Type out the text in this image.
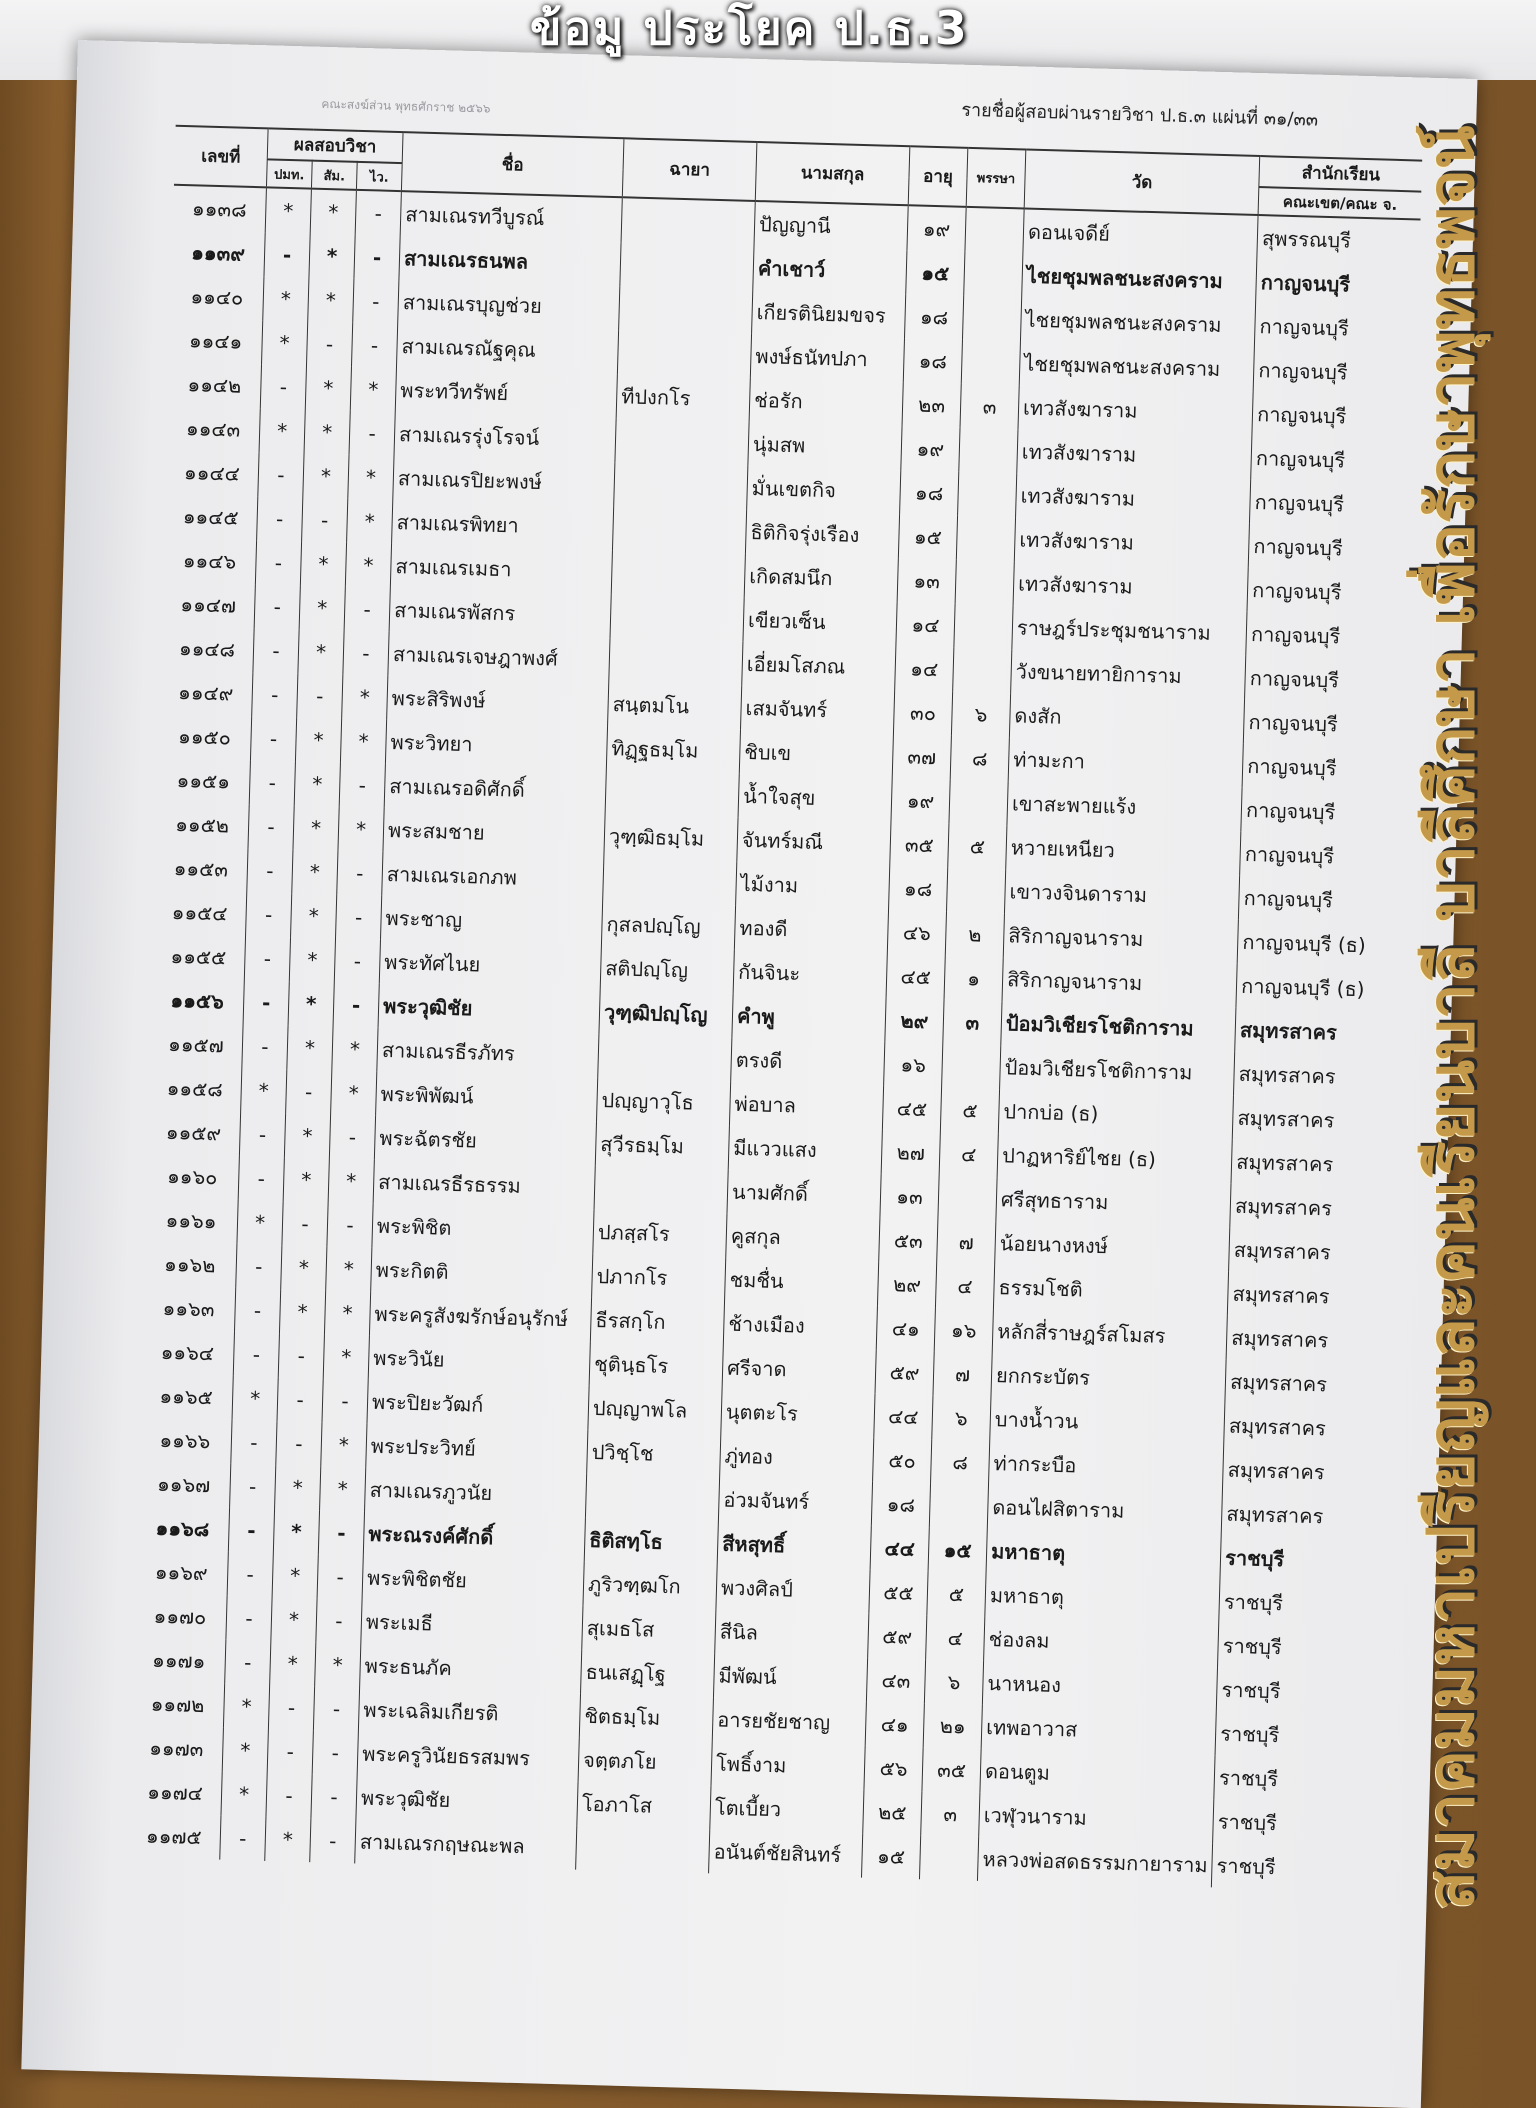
รายชื่อผู้สอบผ่านรายวิชา ป.ธ.๓ แผ่นที่ ๓๑/๓๓
คณะสงฆ์ส่วน พุทธศักราช ๒๕๖๖
เลขที่	ผลสอบวิชา			ชื่อ	ฉายา	นามสกุล	อายุ	พรรษา	วัด	สำนักเรียน
	ปมท.	สัม.	ไว.							คณะเขต/คณะ จ.
๑๑๓๘	*	*	-	สามเณรทวีบูรณ์		ปัญญานี	๑๙		ดอนเจดีย์	สุพรรณบุรี
๑๑๓๙	-	*	-	สามเณรธนพล		คำเชาว์	๑๕		ไชยชุมพลชนะสงคราม	กาญจนบุรี
๑๑๔๐	*	*	-	สามเณรบุญช่วย		เกียรตินิยมขจร	๑๘		ไชยชุมพลชนะสงคราม	กาญจนบุรี
๑๑๔๑	*	-	-	สามเณรณัฐคุณ		พงษ์ธนัทปภา	๑๘		ไชยชุมพลชนะสงคราม	กาญจนบุรี
๑๑๔๒	-	*	*	พระทวีทรัพย์	ทีปงกโร	ช่อรัก	๒๓	๓	เทวสังฆาราม	กาญจนบุรี
๑๑๔๓	*	*	-	สามเณรรุ่งโรจน์		นุ่มสพ	๑๙		เทวสังฆาราม	กาญจนบุรี
๑๑๔๔	-	*	*	สามเณรปิยะพงษ์		มั่นเขตกิจ	๑๘		เทวสังฆาราม	กาญจนบุรี
๑๑๔๕	-	-	*	สามเณรพิทยา		ธิติกิจรุ่งเรือง	๑๕		เทวสังฆาราม	กาญจนบุรี
๑๑๔๖	-	*	*	สามเณรเมธา		เกิดสมนึก	๑๓		เทวสังฆาราม	กาญจนบุรี
๑๑๔๗	-	*	-	สามเณรพัสกร		เขียวเซ็น	๑๔		ราษฎร์ประชุมชนาราม	กาญจนบุรี
๑๑๔๘	-	*	-	สามเณรเจษฎาพงศ์		เอี่ยมโสภณ	๑๔		วังขนายทายิการาม	กาญจนบุรี
๑๑๔๙	-	-	*	พระสิริพงษ์	สนฺตมโน	เสมจันทร์	๓๐	๖	ดงสัก	กาญจนบุรี
๑๑๕๐	-	*	*	พระวิทยา	ทิฏฺฐธมฺโม	ชิบเข	๓๗	๘	ท่ามะกา	กาญจนบุรี
๑๑๕๑	-	*	-	สามเณรอดิศักดิ์		น้ำใจสุข	๑๙		เขาสะพายแร้ง	กาญจนบุรี
๑๑๕๒	-	*	*	พระสมชาย	วุฑฺฒิธมฺโม	จันทร์มณี	๓๕	๕	หวายเหนียว	กาญจนบุรี
๑๑๕๓	-	*	-	สามเณรเอกภพ		ไม้งาม	๑๘		เขาวงจินดาราม	กาญจนบุรี
๑๑๕๔	-	*	-	พระชาญ	กุสลปญฺโญ	ทองดี	๔๖	๒	สิริกาญจนาราม	กาญจนบุรี (ธ)
๑๑๕๕	-	*	-	พระทัศไนย	สติปญฺโญ	กันจินะ	๔๕	๑	สิริกาญจนาราม	กาญจนบุรี (ธ)
๑๑๕๖	-	*	-	พระวุฒิชัย	วุฑฺฒิปญฺโญ	คำพู	๒๙	๓	ป้อมวิเชียรโชติการาม	สมุทรสาคร
๑๑๕๗	-	*	*	สามเณรธีรภัทร		ตรงดี	๑๖		ป้อมวิเชียรโชติการาม	สมุทรสาคร
๑๑๕๘	*	-	*	พระพิพัฒน์	ปญฺญาวุโธ	พ่อบาล	๔๕	๕	ปากบ่อ (ธ)	สมุทรสาคร
๑๑๕๙	-	*	-	พระฉัตรชัย	สุวีรธมฺโม	มีแววแสง	๒๗	๔	ปาฏหาริย์ไชย (ธ)	สมุทรสาคร
๑๑๖๐	-	*	*	สามเณรธีรธรรม		นามศักดิ์	๑๓		ศรีสุทธาราม	สมุทรสาคร
๑๑๖๑	*	-	-	พระพิชิต	ปภสฺสโร	คูสกุล	๕๓	๗	น้อยนางหงษ์	สมุทรสาคร
๑๑๖๒	-	*	*	พระกิตติ	ปภากโร	ชมชื่น	๒๙	๔	ธรรมโชติ	สมุทรสาคร
๑๑๖๓	-	*	*	พระครูสังฆรักษ์อนุรักษ์	ธีรสกฺโก	ช้างเมือง	๔๑	๑๖	หลักสี่ราษฎร์สโมสร	สมุทรสาคร
๑๑๖๔	-	-	*	พระวินัย	ชุตินฺธโร	ศรีจาด	๕๙	๗	ยกกระบัตร	สมุทรสาคร
๑๑๖๕	*	-	-	พระปิยะวัฒก์	ปญฺญาพโล	นุตตะโร	๔๔	๖	บางน้ำวน	สมุทรสาคร
๑๑๖๖	-	-	*	พระประวิทย์	ปวิชฺโช	ภู่ทอง	๕๐	๘	ท่ากระบือ	สมุทรสาคร
๑๑๖๗	-	*	*	สามเณรภูวนัย		อ่วมจันทร์	๑๘		ดอนไฝสิตาราม	สมุทรสาคร
๑๑๖๘	-	*	-	พระณรงค์ศักดิ์	ธิติสทฺโธ	สีหสุทธิ์	๔๔	๑๕	มหาธาตุ	ราชบุรี
๑๑๖๙	-	*	-	พระพิชิตชัย	ภูริวฑฺฒโก	พวงศิลป์	๕๕	๕	มหาธาตุ	ราชบุรี
๑๑๗๐	-	*	-	พระเมธี	สุเมธโส	สีนิล	๕๙	๔	ช่องลม	ราชบุรี
๑๑๗๑	-	*	*	พระธนภัค	ธนเสฏฺโฐ	มีพัฒน์	๔๓	๖	นาหนอง	ราชบุรี
๑๑๗๒	*	-	-	พระเฉลิมเกียรติ	ชิตธมฺโม	อารยชัยชาญ	๔๑	๒๑	เทพอาวาส	ราชบุรี
๑๑๗๓	*	-	-	พระครูวินัยธรสมพร	จตฺตภโย	โพธิ์งาม	๕๖	๓๕	ดอนตูม	ราชบุรี
๑๑๗๔	*	-	-	พระวุฒิชัย	โอภาโส	โตเบี้ยว	๒๕	๓	เวฬุวนาราม	ราชบุรี
๑๑๗๕	-	*	-	สามเณรกฤษณะพล		อนันต์ชัยสินทร์	๑๕		หลวงพ่อสดธรรมกายาราม	ราชบุรี
ข้อมู ประโยค ป.ธ.3
สมาคมมหาเปรียญและคนเรียนบาลี บาลีศึกษา เพื่อรักษาพุทธพจน์
